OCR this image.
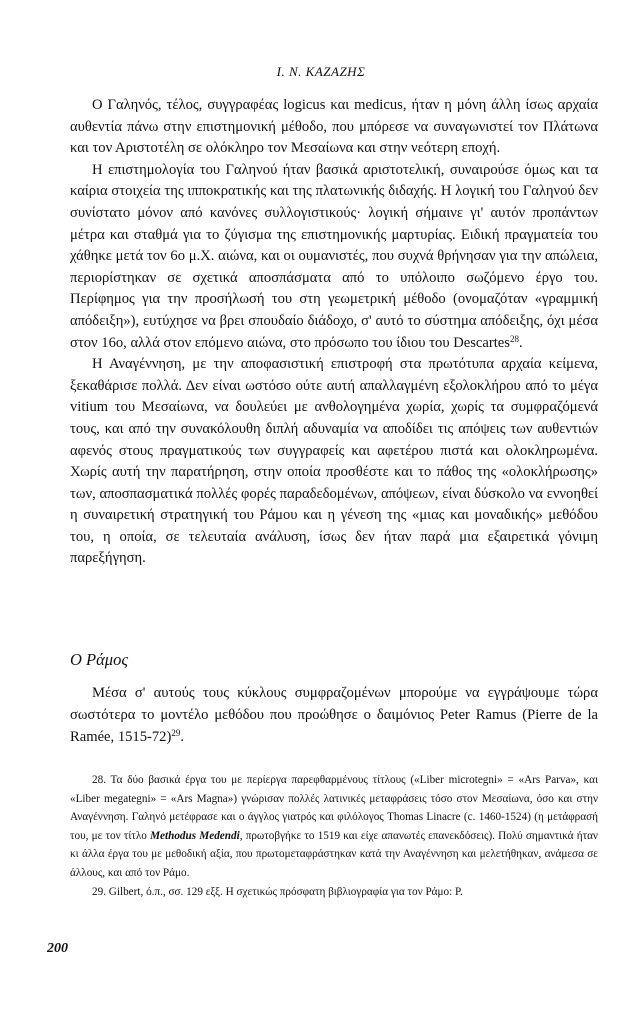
Ι. Ν. ΚΑΖΑΖΗΣ

Ο Γαληνός, τέλος, συγγραφέας logicus και medicus, ήταν η μόνη άλλη ίσως αρχαία αυθεντία πάνω στην επιστημονική μέθοδο, που μπόρεσε να συναγωνιστεί τον Πλάτωνα και τον Αριστοτέλη σε ολόκληρο τον Μεσαίωνα και στην νεότερη εποχή.

Η επιστημολογία του Γαληνού ήταν βασικά αριστοτελική, συναιρούσε όμως και τα καίρια στοιχεία της ιπποκρατικής και της πλατωνικής διδαχής. Η λογική του Γαληνού δεν συνίστατο μόνον από κανόνες συλλογιστικούς· λογική σήμαινε γι' αυτόν προπάντων μέτρα και σταθμά για το ζύγισμα της επιστημονικής μαρτυρίας. Ειδική πραγματεία του χάθηκε μετά τον 6ο μ.Χ. αιώνα, και οι ουμανιστές, που συχνά θρήνησαν για την απώλεια, περιορίστηκαν σε σχετικά αποσπάσματα από το υπόλοιπο σωζόμενο έργο του. Περίφημος για την προσήλωσή του στη γεωμετρική μέθοδο (ονομαζόταν «γραμμική απόδειξη»), ευτύχησε να βρει σπουδαίο διάδοχο, σ' αυτό το σύστημα απόδειξης, όχι μέσα στον 16ο, αλλά στον επόμενο αιώνα, στο πρόσωπο του ίδιου του Descartes$^{28}$.

Η Αναγέννηση, με την αποφασιστική επιστροφή στα πρωτότυπα αρχαία κείμενα, ξεκαθάρισε πολλά. Δεν είναι ωστόσο ούτε αυτή απαλλαγμένη εξολοκλήρου από το μέγα vitium του Μεσαίωνα, να δουλεύει με ανθολογημένα χωρία, χωρίς τα συμφραζόμενά τους, και από την συνακόλουθη διπλή αδυναμία να αποδίδει τις απόψεις των αυθεντιών αφενός στους πραγματικούς των συγγραφείς και αφετέρου πιστά και ολοκληρωμένα. Χωρίς αυτή την παρατήρηση, στην οποία προσθέστε και το πάθος της «ολοκλήρωσης» των, αποσπασματικά πολλές φορές παραδεδομένων, απόψεων, είναι δύσκολο να εννοηθεί η συναιρετική στρατηγική του Ράμου και η γένεση της «μιας και μοναδικής» μεθόδου του, η οποία, σε τελευταία ανάλυση, ίσως δεν ήταν παρά μια εξαιρετικά γόνιμη παρεξήγηση.

Ο Ράμος

Μέσα σ' αυτούς τους κύκλους συμφραζομένων μπορούμε να εγγράψουμε τώρα σωστότερα το μοντέλο μεθόδου που προώθησε ο δαιμόνιος Peter Ramus (Pierre de la Ramée, 1515-72)$^{29}$.

28. Τα δύο βασικά έργα του με περίεργα παρεφθαρμένους τίτλους («Liber microtegni» = «Ars Parva», και «Liber megategni» = «Ars Magna») γνώρισαν πολλές λατινικές μεταφράσεις τόσο στον Μεσαίωνα, όσο και στην Αναγέννηση. Γαληνό μετέφρασε και ο άγγλος γιατρός και φιλόλογος Thomas Linacre (c. 1460-1524) (η μετάφρασή του, με τον τίτλο Methodus Medendi, πρωτοβγήκε το 1519 και είχε απανωτές επανεκδόσεις). Πολύ σημαντικά ήταν κι άλλα έργα του με μεθοδική αξία, που πρωτομεταφράστηκαν κατά την Αναγέννηση και μελετήθηκαν, ανάμεσα σε άλλους, και από τον Ράμο.

29. Gilbert, ό.π., σσ. 129 εξξ. Η σχετικώς πρόσφατη βιβλιογραφία για τον Ράμο: P.

200
